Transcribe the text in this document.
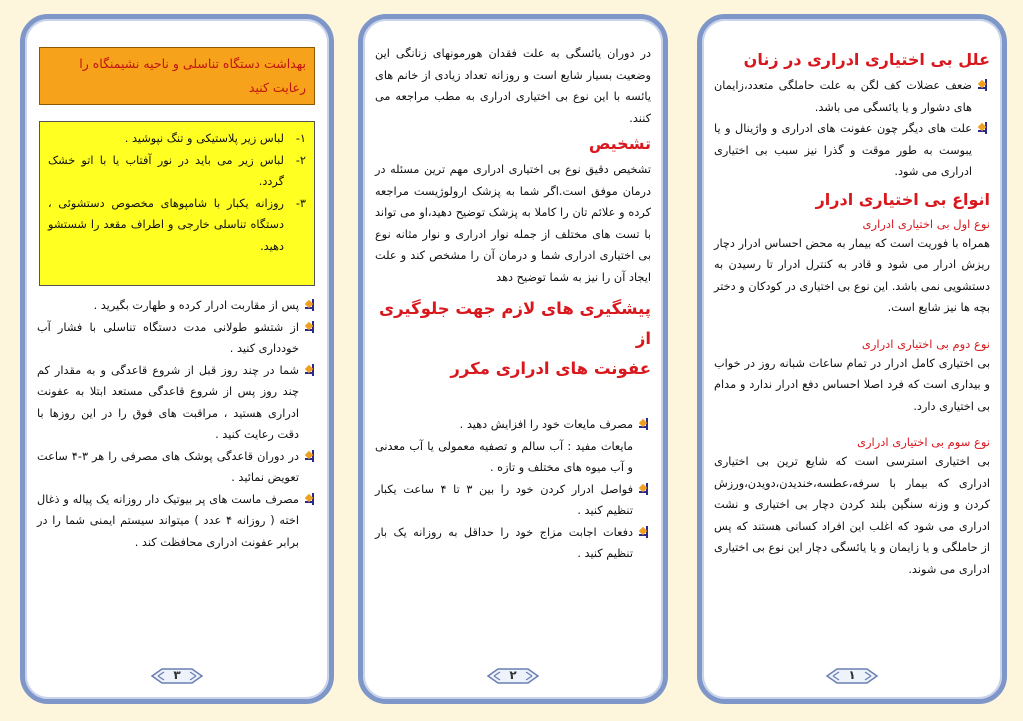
علل بی اختیاری ادراری در زنان
ضعف عضلات کف لگن به علت حاملگی متعدد،زایمان های دشوار و یا یائسگی می باشد.
علت های دیگر چون عفونت های ادراری و واژینال و یا یبوست به طور موقت و گذرا نیز سبب بی اختیاری ادراری می شود.
انواع بی اختیاری ادرار

نوع اول بی اختیاری ادراری

همراه با فوریت است که بیمار به محض احساس ادرار دچار ریزش ادرار می شود و قادر به کنترل ادرار تا رسیدن به دستشویی نمی باشد. این نوع بی اختیاری در کودکان و دختر بچه ها نیز شایع است.

نوع دوم بی اختیاری ادراری

بی اختیاری کامل ادرار در تمام ساعات شبانه روز در خواب و بیداری است که فرد اصلا احساس دفع ادرار ندارد و مدام بی اختیاری دارد.

نوع سوم بی اختیاری ادراری

بی اختیاری استرسی است که شایع ترین بی اختیاری ادراری که بیمار با سرفه،عطسه،خندیدن،دویدن،ورزش کردن و وزنه سنگین بلند کردن دچار بی اختیاری و نشت ادراری می شود که اغلب این افراد کسانی هستند که پس از حاملگی و یا زایمان و یا یائسگی دچار این نوع بی اختیاری ادراری می شوند.

۱

در دوران یائسگی به علت فقدان هورمونهای زنانگی این وضعیت بسیار شایع است و روزانه تعداد زیادی از خانم های یائسه با این نوع بی اختیاری ادراری به مطب مراجعه می کنند.

تشخیص

تشخیص دقیق نوع بی اختیاری ادراری مهم ترین مسئله در درمان موفق است.اگر شما به پزشک ارولوژیست مراجعه کرده و علائم تان را کاملا به پزشک توضیح دهید،او می تواند با تست های مختلف از جمله نوار ادراری و نوار مثانه نوع بی اختیاری ادراری شما و درمان آن را مشخص کند و علت ایجاد آن را نیز به شما توضیح دهد

پیشگیری های لازم جهت جلوگیری از
عفونت های ادراری مکرر
مصرف مایعات خود را افزایش دهید .
مایعات مفید : آب سالم و تصفیه معمولی یا آب معدنی و آب میوه های مختلف و تازه .
فواصل ادرار کردن خود را بین ۳ تا ۴ ساعت یکبار تنظیم کنید .
دفعات اجابت مزاج خود را حداقل به روزانه یک بار تنظیم کنید .
۲
بهداشت دستگاه تناسلی و ناحیه نشیمنگاه را رعایت کنید
۱-
لباس زیر پلاستیکی و تنگ نپوشید .
۲-
لباس زیر می باید در نور آفتاب یا با اتو خشک گردد.
۳-
روزانه یکبار با شامپوهای مخصوص دستشوئی ، دستگاه تناسلی خارجی و اطراف مقعد را شستشو دهید.
پس از مقاربت ادرار کرده و طهارت بگیرید .
از شتشو طولانی مدت دستگاه تناسلی با فشار آب خودداری کنید .
شما در چند روز قبل از شروع قاعدگی و به مقدار کم چند روز پس از شروع قاعدگی مستعد ابتلا به عفونت ادراری هستید ، مراقبت های فوق را در این روزها با دقت رعایت کنید .
در دوران قاعدگی پوشک های مصرفی را هر ۳-۴ ساعت تعویض نمائید .
مصرف ماست های پر بیوتیک دار روزانه یک پیاله و ذغال اخته ( روزانه ۴ عدد ) میتواند سیستم ایمنی شما را در برابر عفونت ادراری محافظت کند .
۳
